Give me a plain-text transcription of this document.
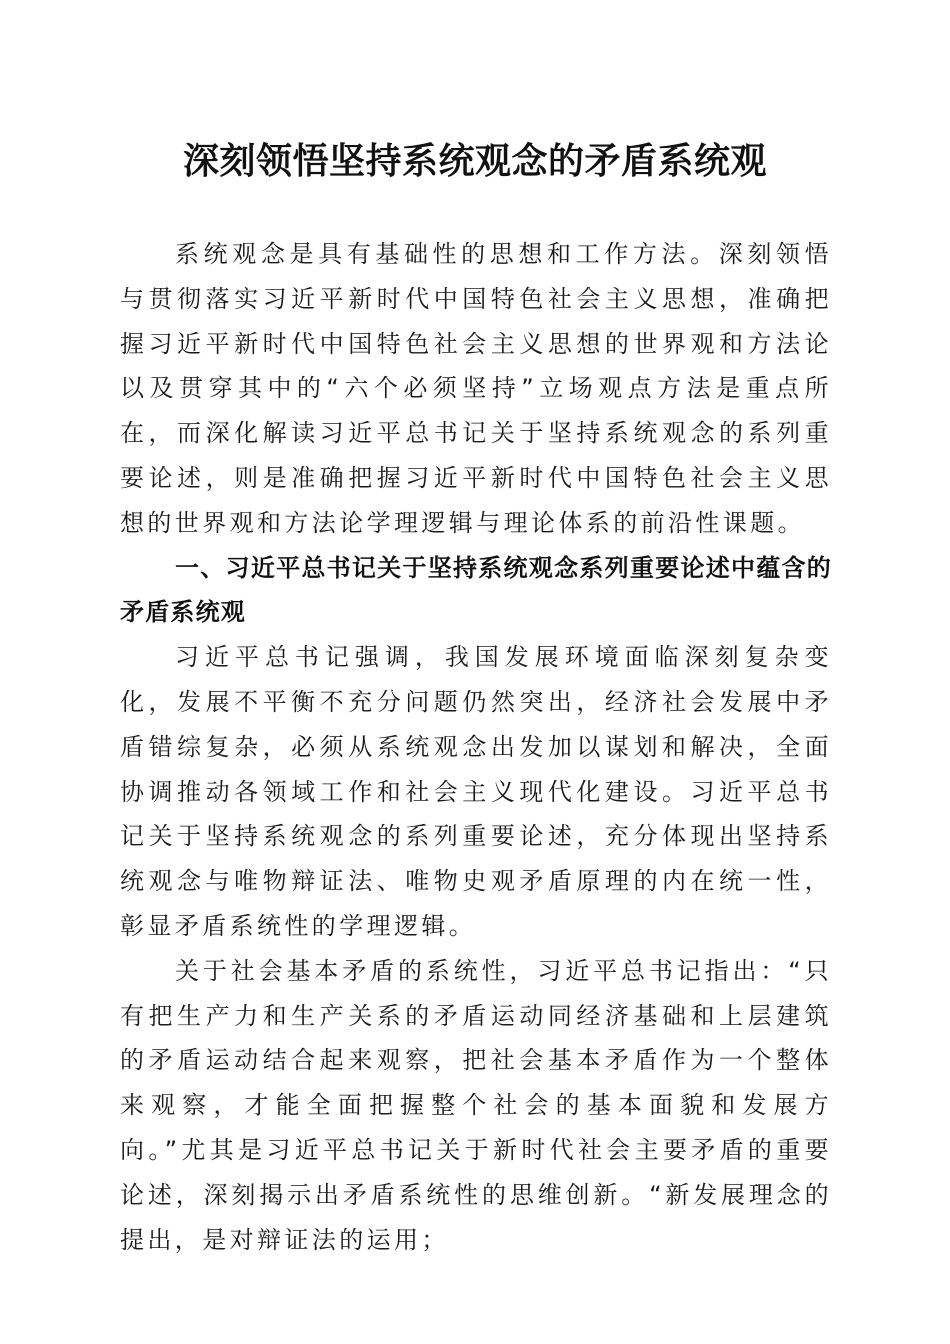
深刻领悟坚持系统观念的矛盾系统观

系统观念是具有基础性的思想和工作方法。深刻领悟与贯彻落实习近平新时代中国特色社会主义思想，准确把握习近平新时代中国特色社会主义思想的世界观和方法论以及贯穿其中的“六个必须坚持”立场观点方法是重点所在，而深化解读习近平总书记关于坚持系统观念的系列重要论述，则是准确把握习近平新时代中国特色社会主义思想的世界观和方法论学理逻辑与理论体系的前沿性课题。

一、习近平总书记关于坚持系统观念系列重要论述中蕴含的矛盾系统观

习近平总书记强调，我国发展环境面临深刻复杂变化，发展不平衡不充分问题仍然突出，经济社会发展中矛盾错综复杂，必须从系统观念出发加以谋划和解决，全面协调推动各领域工作和社会主义现代化建设。习近平总书记关于坚持系统观念的系列重要论述，充分体现出坚持系统观念与唯物辩证法、唯物史观矛盾原理的内在统一性，彰显矛盾系统性的学理逻辑。

关于社会基本矛盾的系统性，习近平总书记指出：“只有把生产力和生产关系的矛盾运动同经济基础和上层建筑的矛盾运动结合起来观察，把社会基本矛盾作为一个整体来观察，才能全面把握整个社会的基本面貌和发展方向。”尤其是习近平总书记关于新时代社会主要矛盾的重要论述，深刻揭示出矛盾系统性的思维创新。“新发展理念的提出，是对辩证法的运用；
